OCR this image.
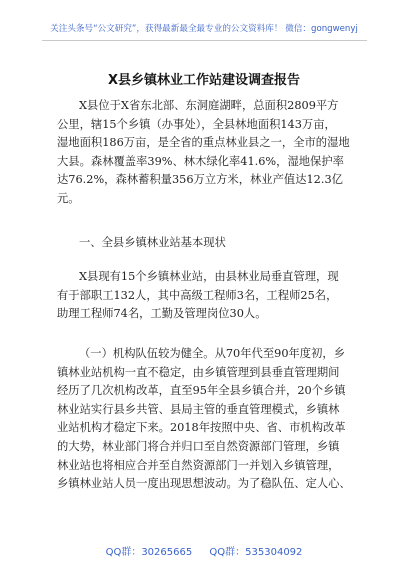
关注头条号“公文研究”，获得最新最全最专业的公文资料库！ 微信：gongwenyj
X县乡镇林业工作站建设调查报告
X县位于X省东北部、东洞庭湖畔，总面积2809平方
公里，辖15个乡镇（办事处），全县林地面积143万亩，
湿地面积186万亩，是全省的重点林业县之一，全市的湿地
大县。森林覆盖率39%、林木绿化率41.6%，湿地保护率
达76.2%，森林蓄积量356万立方米，林业产值达12.3亿
元。
一、全县乡镇林业站基本现状
X县现有15个乡镇林业站，由县林业局垂直管理，现
有于部职工132人，其中高级工程师3名，工程师25名，
助理工程师74名，工勤及管理岗位30人。
（一）机构队伍较为健全。从70年代至90年度初，乡
镇林业站机构一直不稳定，由乡镇管理到县垂直管理期间
经历了几次机构改革，直至95年全县乡镇合并，20个乡镇
林业站实行县乡共管、县局主管的垂直管理模式，乡镇林
业站机构才稳定下来。2018年按照中央、省、市机构改革
的大势，林业部门将合并归口至自然资源部门管理，乡镇
林业站也将相应合并至自然资源部门一并划入乡镇管理，
乡镇林业站人员一度出现思想波动。为了稳队伍、定人心、
QQ群：30265665 QQ群：535304092
